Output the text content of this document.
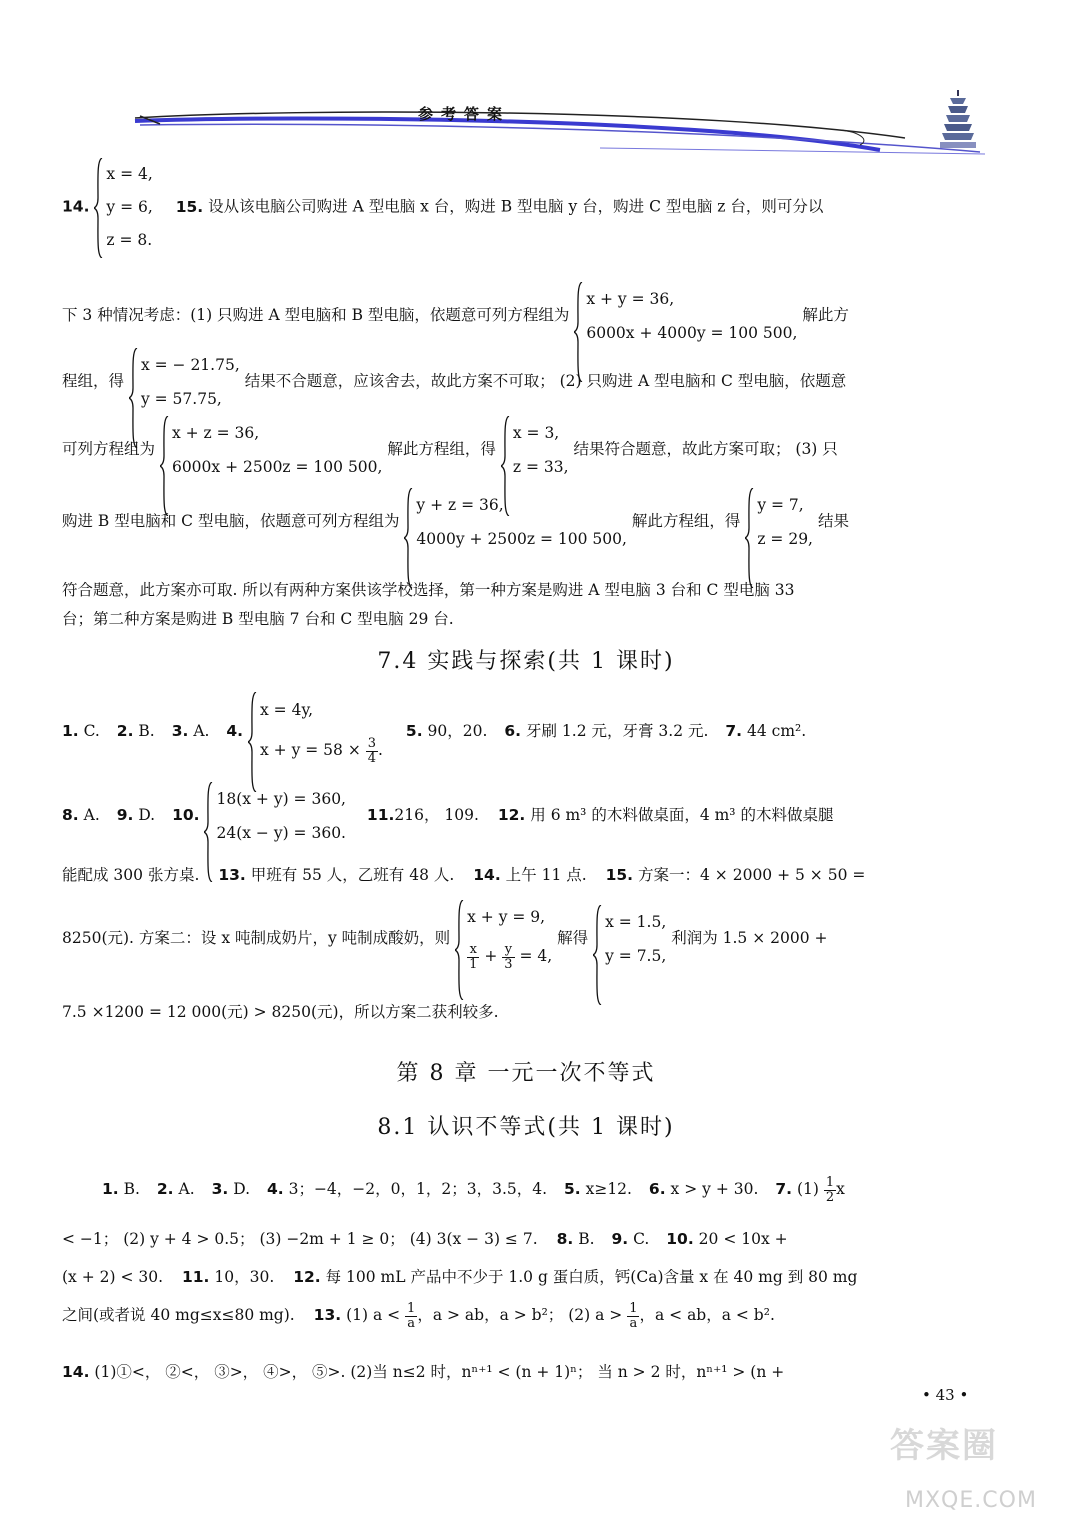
参考答案
14.
x = 4,
y = 6,
z = 8.
15. 设从该电脑公司购进 A 型电脑 x 台，购进 B 型电脑 y 台，购进 C 型电脑 z 台，则可分以
下 3 种情况考虑：(1) 只购进 A 型电脑和 B 型电脑，依题意可列方程组为
x + y = 36,
6000x + 4000y = 100 500,
解此方
程组，得
x = − 21.75,
y = 57.75,
结果不合题意，应该舍去，故此方案不可取； (2) 只购进 A 型电脑和 C 型电脑，依题意
可列方程组为
x + z = 36,
6000x + 2500z = 100 500,
解此方程组，得
x = 3,
z = 33,
结果符合题意，故此方案可取； (3) 只
购进 B 型电脑和 C 型电脑，依题意可列方程组为
y + z = 36,
4000y + 2500z = 100 500,
解此方程组，得
y = 7,
z = 29,
结果
符合题意，此方案亦可取. 所以有两种方案供该学校选择，第一种方案是购进 A 型电脑 3 台和 C 型电脑 33
台；第二种方案是购进 B 型电脑 7 台和 C 型电脑 29 台.
7.4 实践与探索(共 1 课时)
1. C. 2. B. 3. A. 4.
x = 4y,
$x + y = 58 \times \frac{3}{4}$ .
5. 90，20. 6. 牙刷 1.2 元，牙膏 3.2 元. 7. 44 cm².
8. A. 9. D. 10.
18(x + y) = 360,
24(x − y) = 360.
11.216， 109. 12. 用 6 m³ 的木料做桌面，4 m³ 的木料做桌腿
能配成 300 张方桌. 13. 甲班有 55 人，乙班有 48 人. 14. 上午 11 点. 15. 方案一：4 × 2000 + 5 × 50 =
8250(元). 方案二：设 x 吨制成奶片，y 吨制成酸奶，则
x + y = 9,
$\frac{x}{1} + \frac{y}{3} = 4$,
解得
x = 1.5,
y = 7.5,
利润为 1.5 × 2000 +
7.5 ×1200 = 12 000(元) > 8250(元)，所以方案二获利较多.
第 8 章 一元一次不等式
8.1 认识不等式(共 1 课时)
1. B. 2. A. 3. D. 4. 3；−4，−2，0，1，2；3，3.5，4. 5. x≥12. 6. x > y + 30. 7. $(1) \frac{1}{2}$ x
< −1； (2) y + 4 > 0.5； (3) −2m + 1 ≥ 0； (4) 3(x − 3) ≤ 7. 8. B. 9. C. 10. 20 < 10x +
(x + 2) < 30. 11. 10，30. 12. 每 100 mL 产品中不少于 1.0 g 蛋白质，钙(Ca)含量 x 在 40 mg 到 80 mg
之间(或者说 40 mg≤x≤80 mg). 13. (1) $a < \frac{1}{a}$ ，a > ab，a > b²； (2) $a > \frac{1}{a}$ ，a < ab，a < b².
14. (1)①<， ②<， ③>， ④>， ⑤>. (2)当 n≤2 时，nⁿ⁺¹ < (n + 1)ⁿ； 当 n > 2 时，nⁿ⁺¹ > (n +
• 43 •
答案圈
MXQE.COM
